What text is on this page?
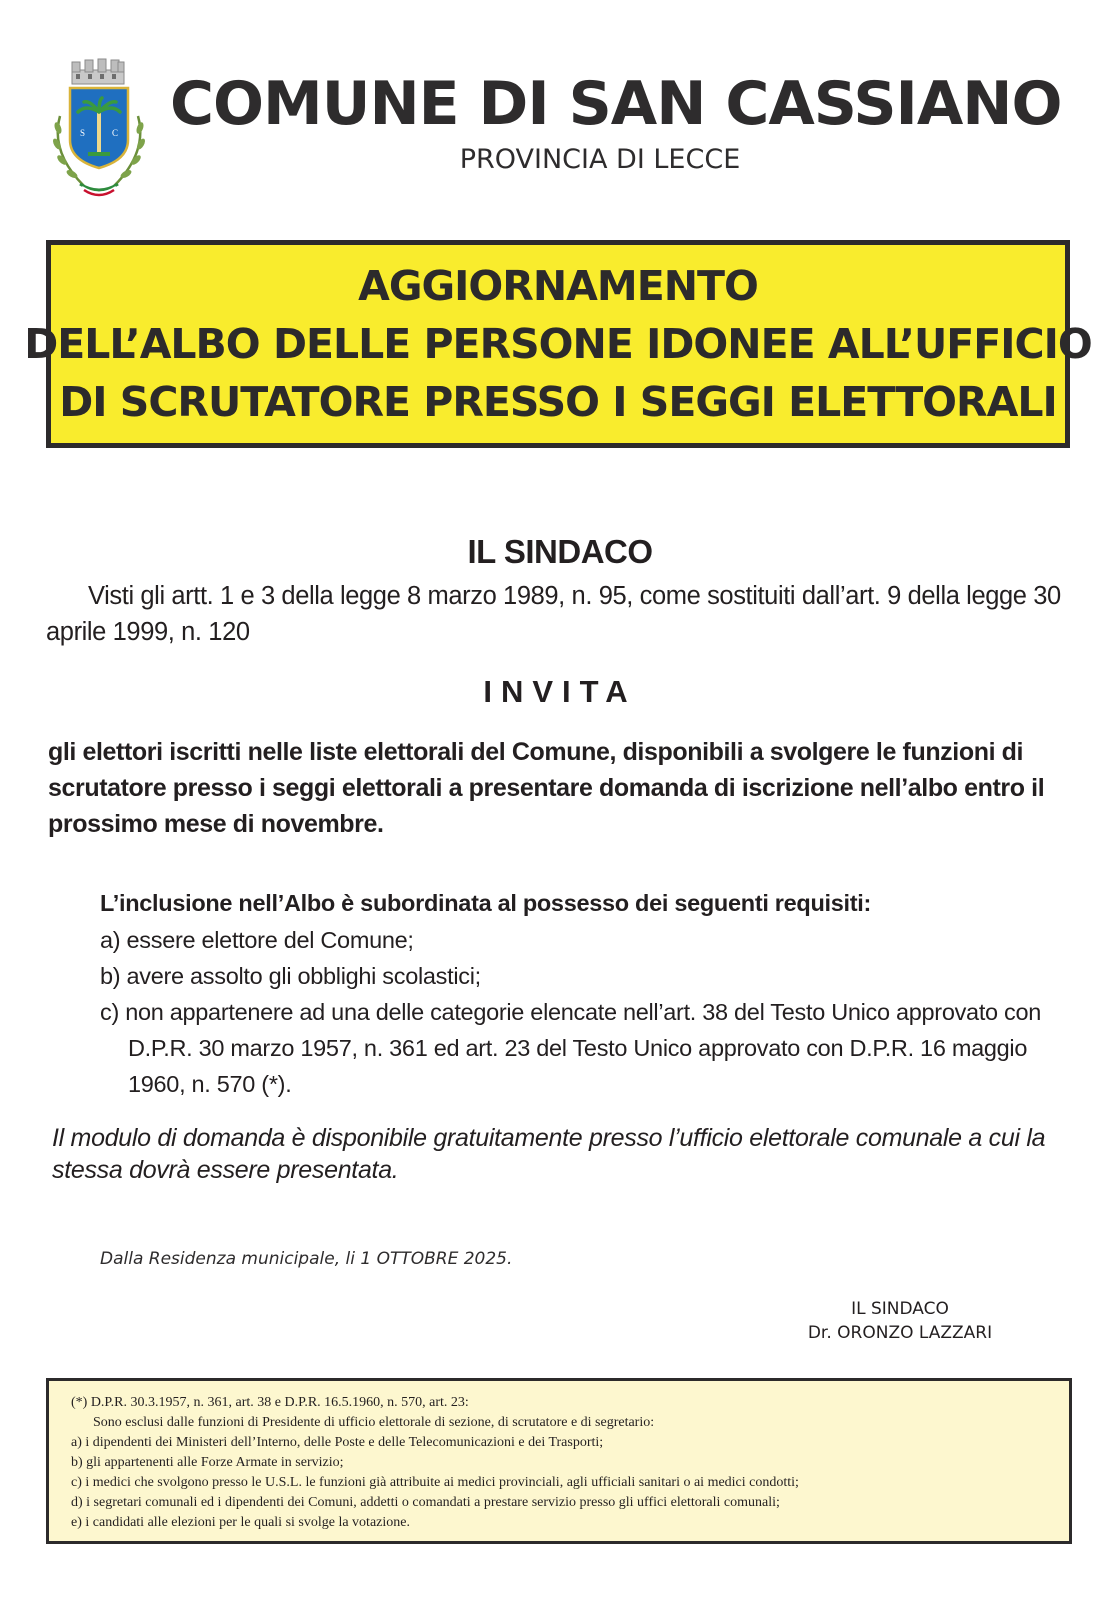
S	C COMUNE DI SAN CASSIANO
PROVINCIA DI LECCE
AGGIORNAMENTO
DELL’ALBO DELLE PERSONE IDONEE ALL’UFFICIO
DI SCRUTATORE PRESSO I SEGGI ELETTORALI
IL SINDACO
Visti gli artt. 1 e 3 della legge 8 marzo 1989, n. 95, come sostituiti dall’art. 9 della legge 30 aprile 1999, n. 120
INVITA
gli elettori iscritti nelle liste elettorali del Comune, disponibili a svolgere le funzioni di scrutatore presso i seggi elettorali a presentare domanda di iscrizione nell’albo entro il prossimo mese di novembre.
L’inclusione nell’Albo è subordinata al possesso dei seguenti requisiti:
a) essere elettore del Comune;
b) avere assolto gli obblighi scolastici;
c) non appartenere ad una delle categorie elencate nell’art. 38 del Testo Unico approvato con D.P.R. 30 marzo 1957, n. 361 ed art. 23 del Testo Unico approvato con D.P.R. 16 maggio 1960, n. 570 (*).
Il modulo di domanda è disponibile gratuitamente presso l’ufficio elettorale comunale a cui la stessa dovrà essere presentata.
Dalla Residenza municipale, li 1 OTTOBRE 2025.
IL SINDACO
Dr. ORONZO LAZZARI
(*) D.P.R. 30.3.1957, n. 361, art. 38 e D.P.R. 16.5.1960, n. 570, art. 23:
Sono esclusi dalle funzioni di Presidente di ufficio elettorale di sezione, di scrutatore e di segretario:
a) i dipendenti dei Ministeri dell’Interno, delle Poste e delle Telecomunicazioni e dei Trasporti;
b) gli appartenenti alle Forze Armate in servizio;
c) i medici che svolgono presso le U.S.L. le funzioni già attribuite ai medici provinciali, agli ufficiali sanitari o ai medici condotti;
d) i segretari comunali ed i dipendenti dei Comuni, addetti o comandati a prestare servizio presso gli uffici elettorali comunali;
e) i candidati alle elezioni per le quali si svolge la votazione.
